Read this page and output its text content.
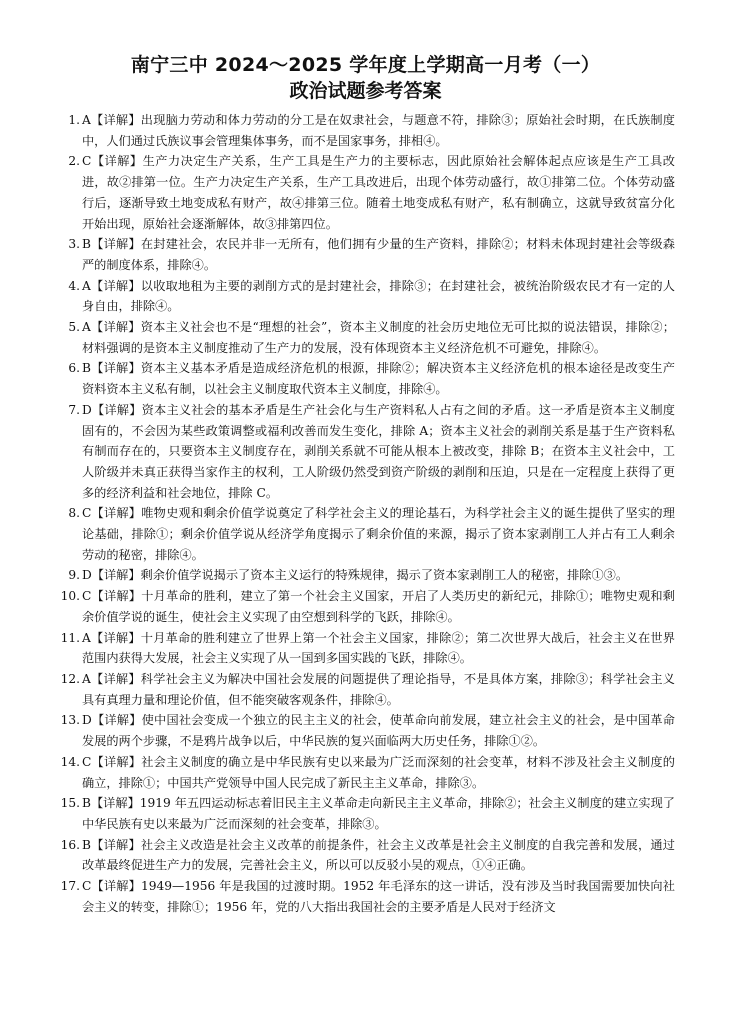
南宁三中 2024～2025 学年度上学期高一月考（一）
政治试题参考答案
1. A【详解】出现脑力劳动和体力劳动的分工是在奴隶社会，与题意不符，排除③；原始社会时期，在氏族制度中，人们通过氏族议事会管理集体事务，而不是国家事务，排相④。
2. C【详解】生产力决定生产关系，生产工具是生产力的主要标志，因此原始社会解体起点应该是生产工具改进，故②排第一位。生产力决定生产关系，生产工具改进后，出现个体劳动盛行，故①排第二位。个体劳动盛行后，逐渐导致土地变成私有财产，故④排第三位。随着土地变成私有财产，私有制确立，这就导致贫富分化开始出现，原始社会逐渐解体，故③排第四位。
3. B【详解】在封建社会，农民并非一无所有，他们拥有少量的生产资料，排除②；材料未体现封建社会等级森严的制度体系，排除④。
4. A【详解】以收取地租为主要的剥削方式的是封建社会，排除③；在封建社会，被统治阶级农民才有一定的人身自由，排除④。
5. A【详解】资本主义社会也不是“理想的社会”，资本主义制度的社会历史地位无可比拟的说法错误，排除②；材料强调的是资本主义制度推动了生产力的发展，没有体现资本主义经济危机不可避免，排除④。
6. B【详解】资本主义基本矛盾是造成经济危机的根源，排除②；解决资本主义经济危机的根本途径是改变生产资料资本主义私有制，以社会主义制度取代资本主义制度，排除④。
7. D【详解】资本主义社会的基本矛盾是生产社会化与生产资料私人占有之间的矛盾。这一矛盾是资本主义制度固有的，不会因为某些政策调整或福利改善而发生变化，排除 A；资本主义社会的剥削关系是基于生产资料私有制而存在的，只要资本主义制度存在，剥削关系就不可能从根本上被改变，排除 B；在资本主义社会中，工人阶级并未真正获得当家作主的权利，工人阶级仍然受到资产阶级的剥削和压迫，只是在一定程度上获得了更多的经济利益和社会地位，排除 C。
8. C【详解】唯物史观和剩余价值学说奠定了科学社会主义的理论基石，为科学社会主义的诞生提供了坚实的理论基础，排除①；剩余价值学说从经济学角度揭示了剩余价值的来源，揭示了资本家剥削工人并占有工人剩余劳动的秘密，排除④。
9. D【详解】剩余价值学说揭示了资本主义运行的特殊规律，揭示了资本家剥削工人的秘密，排除①③。
10. C【详解】十月革命的胜利，建立了第一个社会主义国家，开启了人类历史的新纪元，排除①；唯物史观和剩余价值学说的诞生，使社会主义实现了由空想到科学的飞跃，排除④。
11. A【详解】十月革命的胜利建立了世界上第一个社会主义国家，排除②；第二次世界大战后，社会主义在世界范围内获得大发展，社会主义实现了从一国到多国实践的飞跃，排除④。
12. A【详解】科学社会主义为解决中国社会发展的问题提供了理论指导，不是具体方案，排除③；科学社会主义具有真理力量和理论价值，但不能突破客观条件，排除④。
13. D【详解】使中国社会变成一个独立的民主主义的社会，使革命向前发展，建立社会主义的社会，是中国革命发展的两个步骤，不是鸦片战争以后，中华民族的复兴面临两大历史任务，排除①②。
14. C【详解】社会主义制度的确立是中华民族有史以来最为广泛而深刻的社会变革，材料不涉及社会主义制度的确立，排除①；中国共产党领导中国人民完成了新民主主义革命，排除③。
15. B【详解】1919 年五四运动标志着旧民主主义革命走向新民主主义革命，排除②；社会主义制度的建立实现了中华民族有史以来最为广泛而深刻的社会变革，排除③。
16. B【详解】社会主义改造是社会主义改革的前提条件，社会主义改革是社会主义制度的自我完善和发展，通过改革最终促进生产力的发展，完善社会主义，所以可以反驳小吴的观点，①④正确。
17. C【详解】1949—1956 年是我国的过渡时期。1952 年毛泽东的这一讲话，没有涉及当时我国需要加快向社会主义的转变，排除①；1956 年，党的八大指出我国社会的主要矛盾是人民对于经济文
